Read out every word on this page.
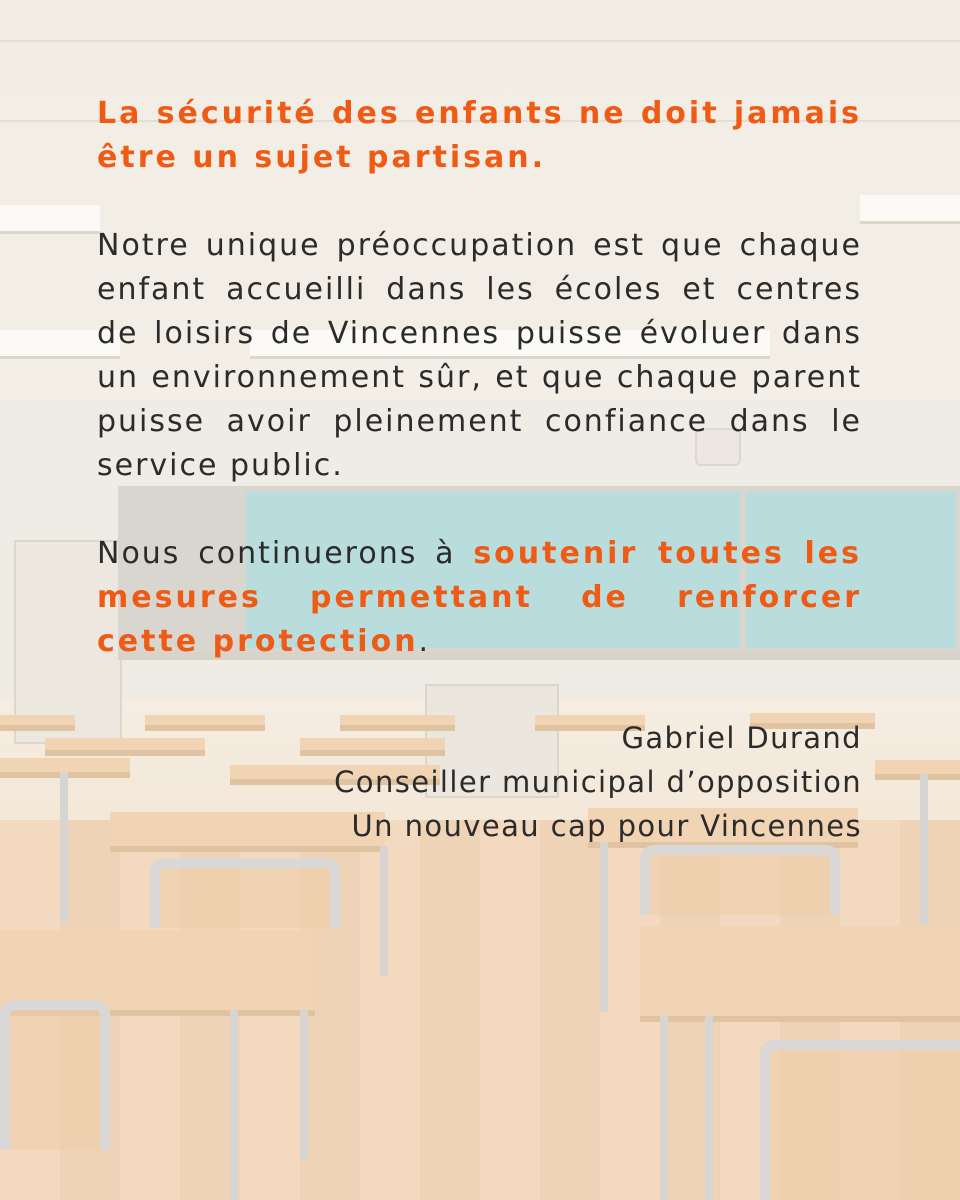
La sécurité des enfants ne doit jamais être un sujet partisan.

Notre unique préoccupation est que chaque enfant accueilli dans les écoles et centres de loisirs de Vincennes puisse évoluer dans un environnement sûr, et que chaque parent puisse avoir pleinement confiance dans le service public.

Nous continuerons à soutenir toutes les mesures permettant de renforcer cette protection.

Gabriel Durand
Conseiller municipal d’opposition
Un nouveau cap pour Vincennes
